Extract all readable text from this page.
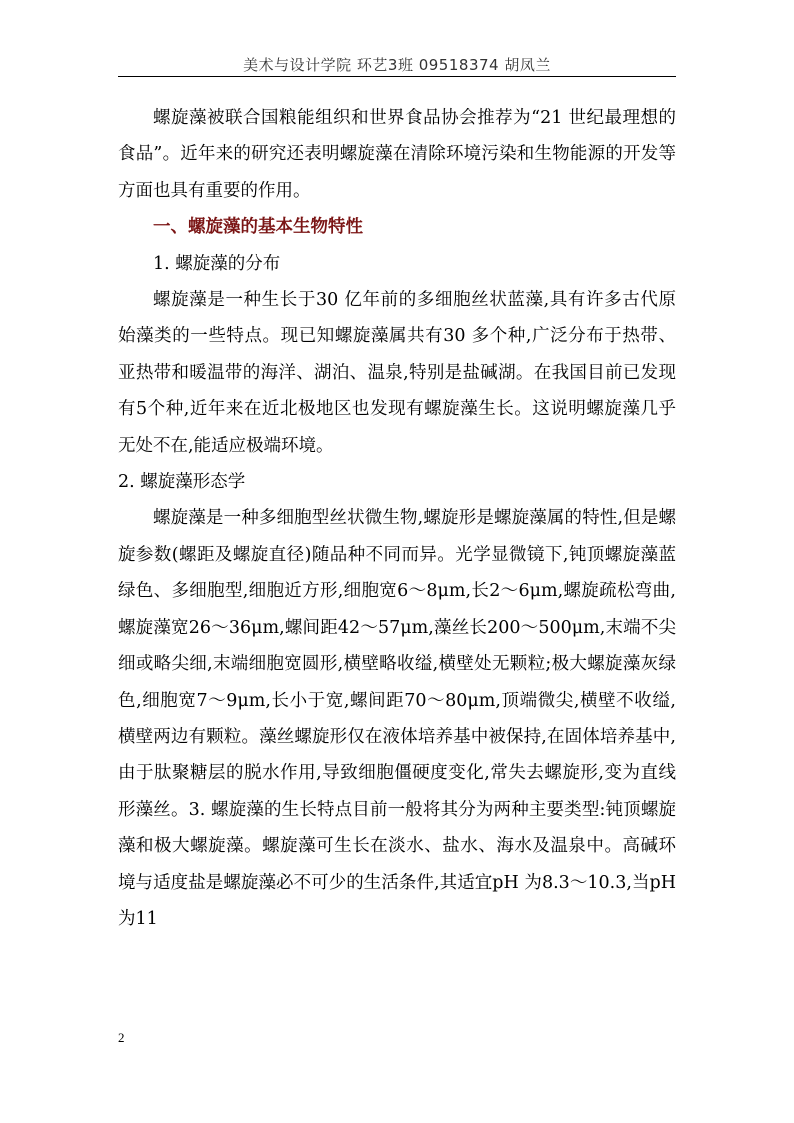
美术与设计学院 环艺3班 09518374 胡凤兰

螺旋藻被联合国粮能组织和世界食品协会推荐为“21 世纪最理想的食品”。近年来的研究还表明螺旋藻在清除环境污染和生物能源的开发等方面也具有重要的作用。

一、螺旋藻的基本生物特性

1. 螺旋藻的分布

螺旋藻是一种生长于30 亿年前的多细胞丝状蓝藻,具有许多古代原始藻类的一些特点。现已知螺旋藻属共有30 多个种,广泛分布于热带、亚热带和暖温带的海洋、湖泊、温泉,特别是盐碱湖。在我国目前已发现有5个种,近年来在近北极地区也发现有螺旋藻生长。这说明螺旋藻几乎无处不在,能适应极端环境。

2. 螺旋藻形态学

螺旋藻是一种多细胞型丝状微生物,螺旋形是螺旋藻属的特性,但是螺旋参数(螺距及螺旋直径)随品种不同而异。光学显微镜下,钝顶螺旋藻蓝绿色、多细胞型,细胞近方形,细胞宽6～8μm,长2～6μm,螺旋疏松弯曲,螺旋藻宽26～36μm,螺间距42～57μm,藻丝长200～500μm,末端不尖细或略尖细,末端细胞宽圆形,横壁略收缢,横壁处无颗粒;极大螺旋藻灰绿色,细胞宽7～9μm,长小于宽,螺间距70～80μm,顶端微尖,横壁不收缢,横壁两边有颗粒。藻丝螺旋形仅在液体培养基中被保持,在固体培养基中,由于肽聚糖层的脱水作用,导致细胞僵硬度变化,常失去螺旋形,变为直线形藻丝。3. 螺旋藻的生长特点目前一般将其分为两种主要类型:钝顶螺旋藻和极大螺旋藻。螺旋藻可生长在淡水、盐水、海水及温泉中。高碱环境与适度盐是螺旋藻必不可少的生活条件,其适宜pH 为8.3～10.3,当pH 为11

2
